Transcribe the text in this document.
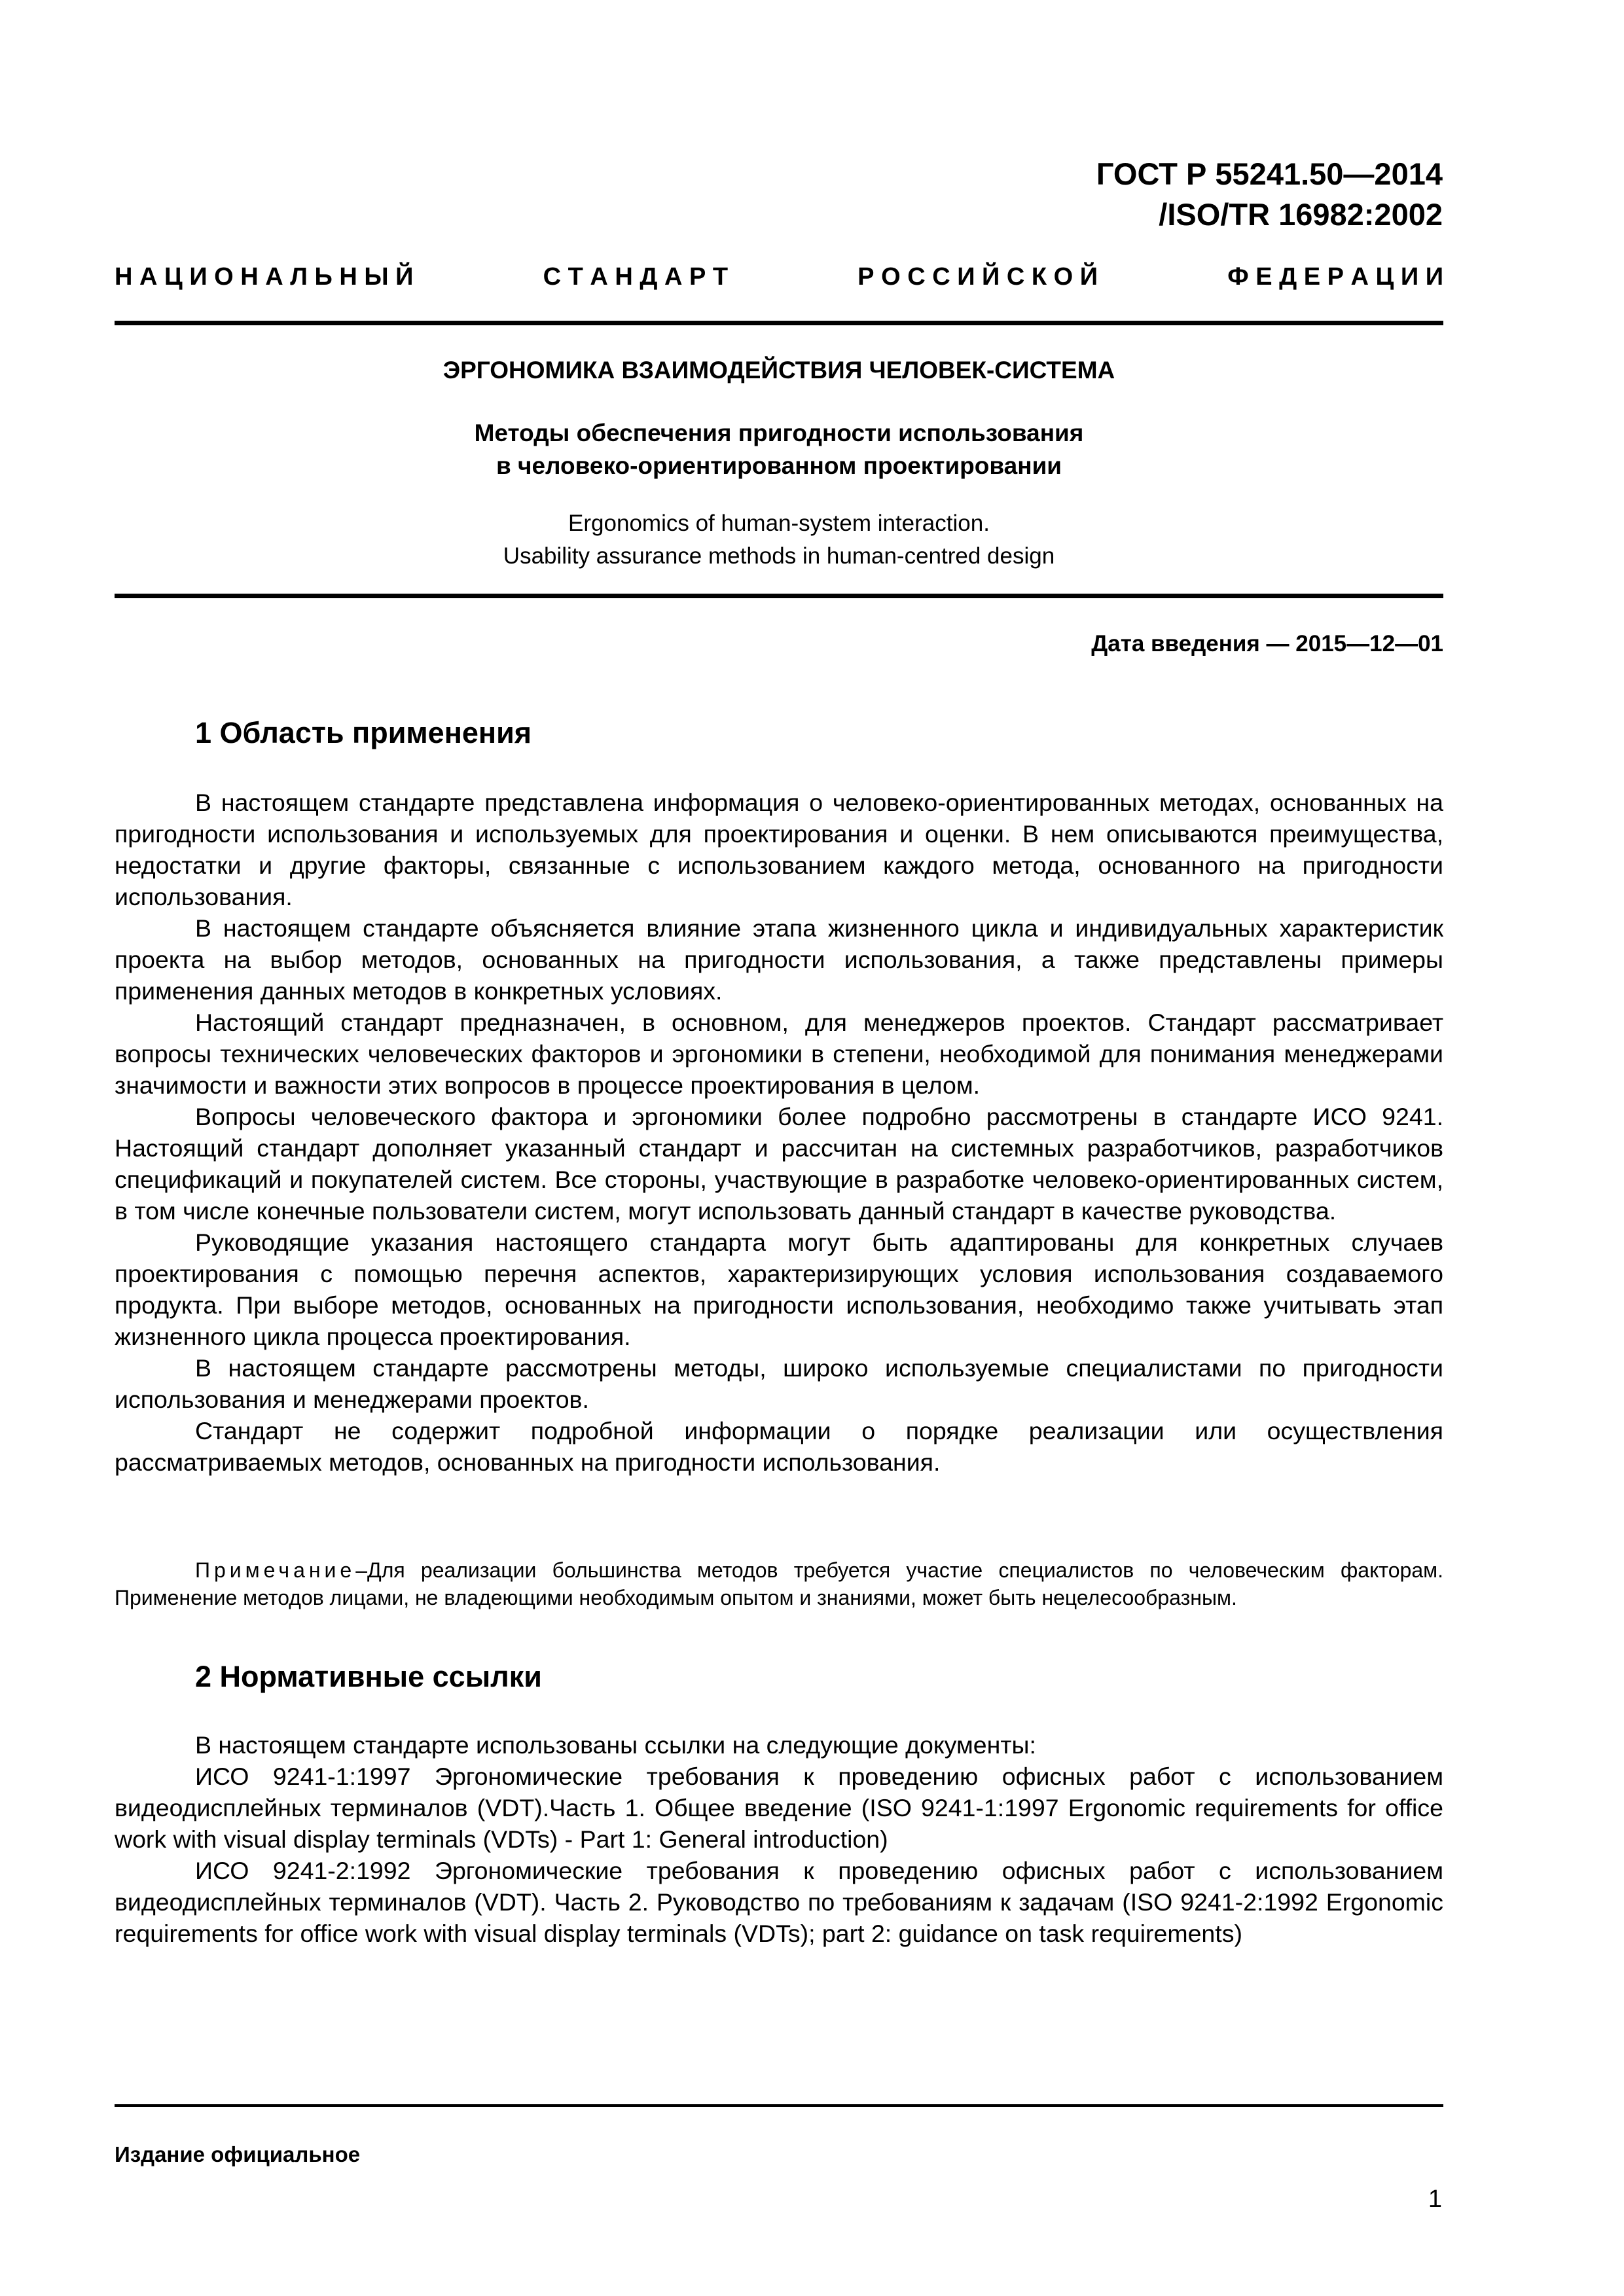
ГОСТ Р 55241.50—2014
/ISO/TR 16982:2002
Н А Ц И О Н А Л Ь Н Ы Й	С Т А Н Д А Р Т	Р О С С И Й С К О Й	Ф Е Д Е Р А Ц И И
ЭРГОНОМИКА ВЗАИМОДЕЙСТВИЯ ЧЕЛОВЕК-СИСТЕМА
Методы обеспечения пригодности использования
в человеко-ориентированном проектировании
Ergonomics of human-system interaction.
Usability assurance methods in human-centred design
Дата введения — 2015—12—01
1 Область применения

В настоящем стандарте представлена информация о человеко-ориентированных методах, основанных на пригодности использования и используемых для проектирования и оценки. В нем описываются преимущества, недостатки и другие факторы, связанные с использованием каждого метода, основанного на пригодности использования.

В настоящем стандарте объясняется влияние этапа жизненного цикла и индивидуальных характеристик проекта на выбор методов, основанных на пригодности использования, а также представлены примеры применения данных методов в конкретных условиях.

Настоящий стандарт предназначен, в основном, для менеджеров проектов. Стандарт рассматривает вопросы технических человеческих факторов и эргономики в степени, необходимой для понимания менеджерами значимости и важности этих вопросов в процессе проектирования в целом.

Вопросы человеческого фактора и эргономики более подробно рассмотрены в стандарте ИСО 9241. Настоящий стандарт дополняет указанный стандарт и рассчитан на системных разработчиков, разработчиков спецификаций и покупателей систем. Все стороны, участвующие в разработке человеко-ориентированных систем, в том числе конечные пользователи систем, могут использовать данный стандарт в качестве руководства.

Руководящие указания настоящего стандарта могут быть адаптированы для конкретных случаев проектирования с помощью перечня аспектов, характеризирующих условия использования создаваемого продукта. При выборе методов, основанных на пригодности использования, необходимо также учитывать этап жизненного цикла процесса проектирования.

В настоящем стандарте рассмотрены методы, широко используемые специалистами по пригодности использования и менеджерами проектов.

Стандарт не содержит подробной информации о порядке реализации или осуществления рассматриваемых методов, основанных на пригодности использования.

Примечание–Для реализации большинства методов требуется участие специалистов по человеческим факторам. Применение методов лицами, не владеющими необходимым опытом и знаниями, может быть нецелесообразным.
2 Нормативные ссылки

В настоящем стандарте использованы ссылки на следующие документы:

ИСО 9241-1:1997 Эргономические требования к проведению офисных работ с использованием видеодисплейных терминалов (VDT).Часть 1. Общее введение (ISO 9241-1:1997 Ergonomic requirements for office work with visual display terminals (VDTs) - Part 1: General introduction)

ИСО 9241-2:1992 Эргономические требования к проведению офисных работ с использованием видеодисплейных терминалов (VDT). Часть 2. Руководство по требованиям к задачам (ISO 9241-2:1992 Ergonomic requirements for office work with visual display terminals (VDTs); part 2: guidance on task requirements)

Издание официальное
1
